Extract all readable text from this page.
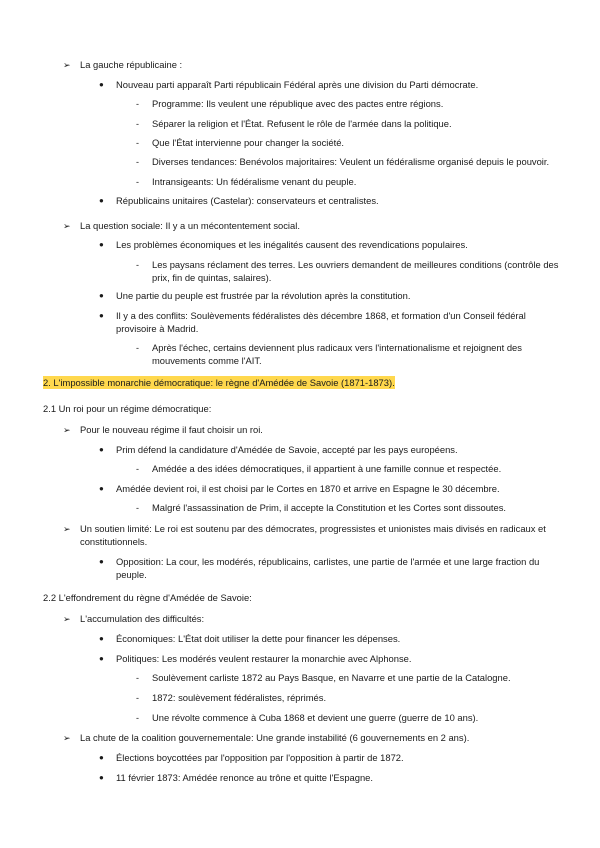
➢ La gauche républicaine :
● Nouveau parti apparaît Parti républicain Fédéral après une division du Parti démocrate.
- Programme: Ils veulent une république avec des pactes entre régions.
- Séparer la religion et l'État. Refusent le rôle de l'armée dans la politique.
- Que l'État intervienne pour changer la société.
- Diverses tendances: Benévolos majoritaires: Veulent un fédéralisme organisé depuis le pouvoir.
- Intransigeants: Un fédéralisme venant du peuple.
● Républicains unitaires (Castelar): conservateurs et centralistes.
➢ La question sociale: Il y a un mécontentement social.
● Les problèmes économiques et les inégalités causent des revendications populaires.
- Les paysans réclament des terres. Les ouvriers demandent de meilleures conditions (contrôle des prix, fin de quintas, salaires).
● Une partie du peuple est frustrée par la révolution après la constitution.
● Il y a des conflits: Soulèvements fédéralistes dès décembre 1868, et formation d'un Conseil fédéral provisoire à Madrid.
- Après l'échec, certains deviennent plus radicaux vers l'internationalisme et rejoignent des mouvements comme l'AIT.
2. L'impossible monarchie démocratique: le règne d'Amédée de Savoie (1871-1873).
2.1 Un roi pour un régime démocratique:
➢ Pour le nouveau régime il faut choisir un roi.
● Prim défend la candidature d'Amédée de Savoie, accepté par les pays européens.
- Amédée a des idées démocratiques, il appartient à une famille connue et respectée.
● Amédée devient roi, il est choisi par le Cortes en 1870 et arrive en Espagne le 30 décembre.
- Malgré l'assassination de Prim, il accepte la Constitution et les Cortes sont dissoutes.
➢ Un soutien limité: Le roi est soutenu par des démocrates, progressistes et unionistes mais divisés en radicaux et constitutionnels.
● Opposition: La cour, les modérés, républicains, carlistes, une partie de l'armée et une large fraction du peuple.
2.2 L'effondrement du règne d'Amédée de Savoie:
➢ L'accumulation des difficultés:
● Économiques: L'État doit utiliser la dette pour financer les dépenses.
● Politiques: Les modérés veulent restaurer la monarchie avec Alphonse.
- Soulèvement carliste 1872 au Pays Basque, en Navarre et une partie de la Catalogne.
- 1872: soulèvement fédéralistes, réprimés.
- Une révolte commence à Cuba 1868 et devient une guerre (guerre de 10 ans).
➢ La chute de la coalition gouvernementale: Une grande instabilité (6 gouvernements en 2 ans).
● Élections boycottées par l'opposition par l'opposition à partir de 1872.
● 11 février 1873: Amédée renonce au trône et quitte l'Espagne.
